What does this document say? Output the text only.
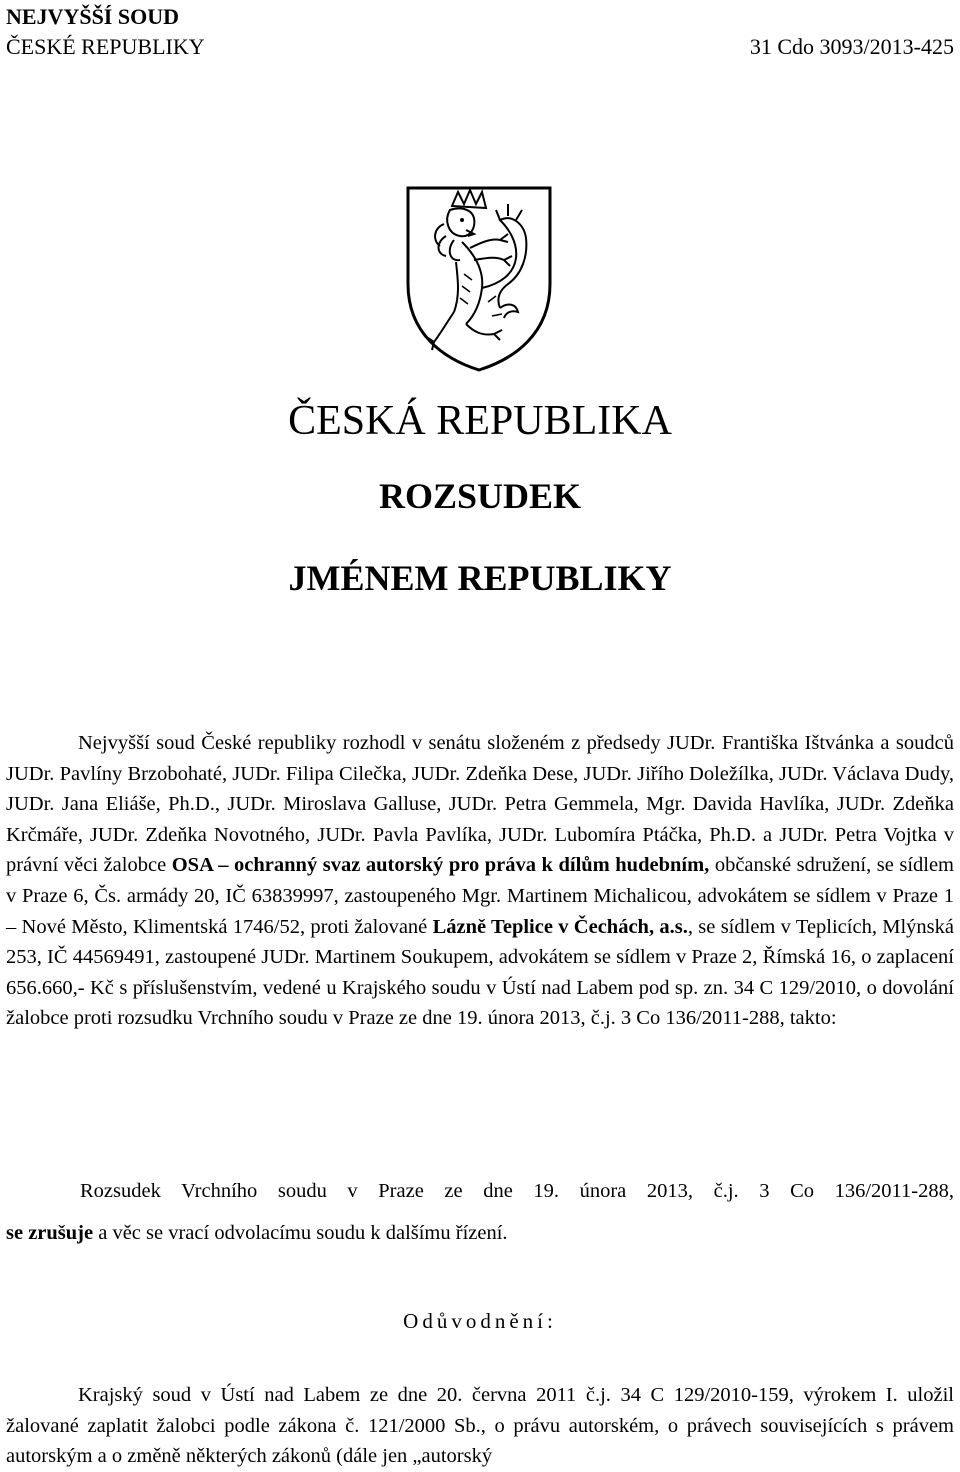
NEJVYŠŠÍ SOUD
ČESKÉ REPUBLIKY	31 Cdo 3093/2013-425
ČESKÁ REPUBLIKA
ROZSUDEK
JMÉNEM REPUBLIKY
Nejvyšší soud České republiky rozhodl v senátu složeném z předsedy JUDr. Františka Ištvánka a soudců JUDr. Pavlíny Brzobohaté, JUDr. Filipa Cilečka, JUDr. Zdeňka Dese, JUDr. Jiřího Doležílka, JUDr. Václava Dudy, JUDr. Jana Eliáše, Ph.D., JUDr. Miroslava Galluse, JUDr. Petra Gemmela, Mgr. Davida Havlíka, JUDr. Zdeňka Krčmáře, JUDr. Zdeňka Novotného, JUDr. Pavla Pavlíka, JUDr. Lubomíra Ptáčka, Ph.D. a JUDr. Petra Vojtka v právní věci žalobce OSA – ochranný svaz autorský pro práva k dílům hudebním, občanské sdružení, se sídlem v Praze 6, Čs. armády 20, IČ 63839997, zastoupeného Mgr. Martinem Michalicou, advokátem se sídlem v Praze 1 – Nové Město, Klimentská 1746/52, proti žalované Lázně Teplice v Čechách, a.s., se sídlem v Teplicích, Mlýnská 253, IČ 44569491, zastoupené JUDr. Martinem Soukupem, advokátem se sídlem v Praze 2, Římská 16, o zaplacení 656.660,- Kč s příslušenstvím, vedené u Krajského soudu v Ústí nad Labem pod sp. zn. 34 C 129/2010, o dovolání žalobce proti rozsudku Vrchního soudu v Praze ze dne 19. února 2013, č.j. 3 Co 136/2011-288, takto:
Rozsudek Vrchního soudu v Praze ze dne 19. února 2013, č.j. 3 Co 136/2011-288,
se zrušuje a věc se vrací odvolacímu soudu k dalšímu řízení.
Odůvodnění:
Krajský soud v Ústí nad Labem ze dne 20. června 2011 č.j. 34 C 129/2010-159, výrokem I. uložil žalované zaplatit žalobci podle zákona č. 121/2000 Sb., o právu autorském, o právech souvisejících s právem autorským a o změně některých zákonů (dále jen „autorský
